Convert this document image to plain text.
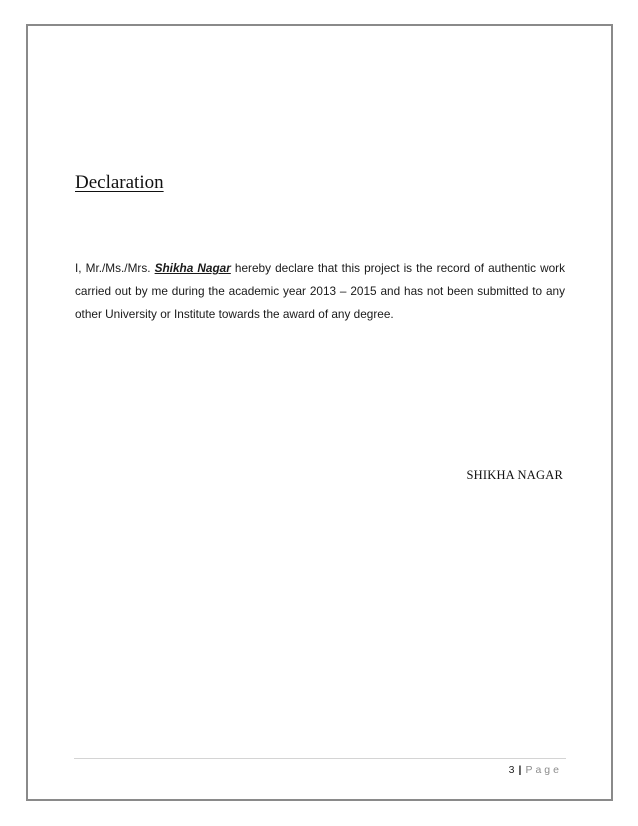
Declaration

I, Mr./Ms./Mrs. Shikha Nagar hereby declare that this project is the record of authentic work carried out by me during the academic year 2013 – 2015 and has not been submitted to any other University or Institute towards the award of any degree.

SHIKHA NAGAR
3 | Page
